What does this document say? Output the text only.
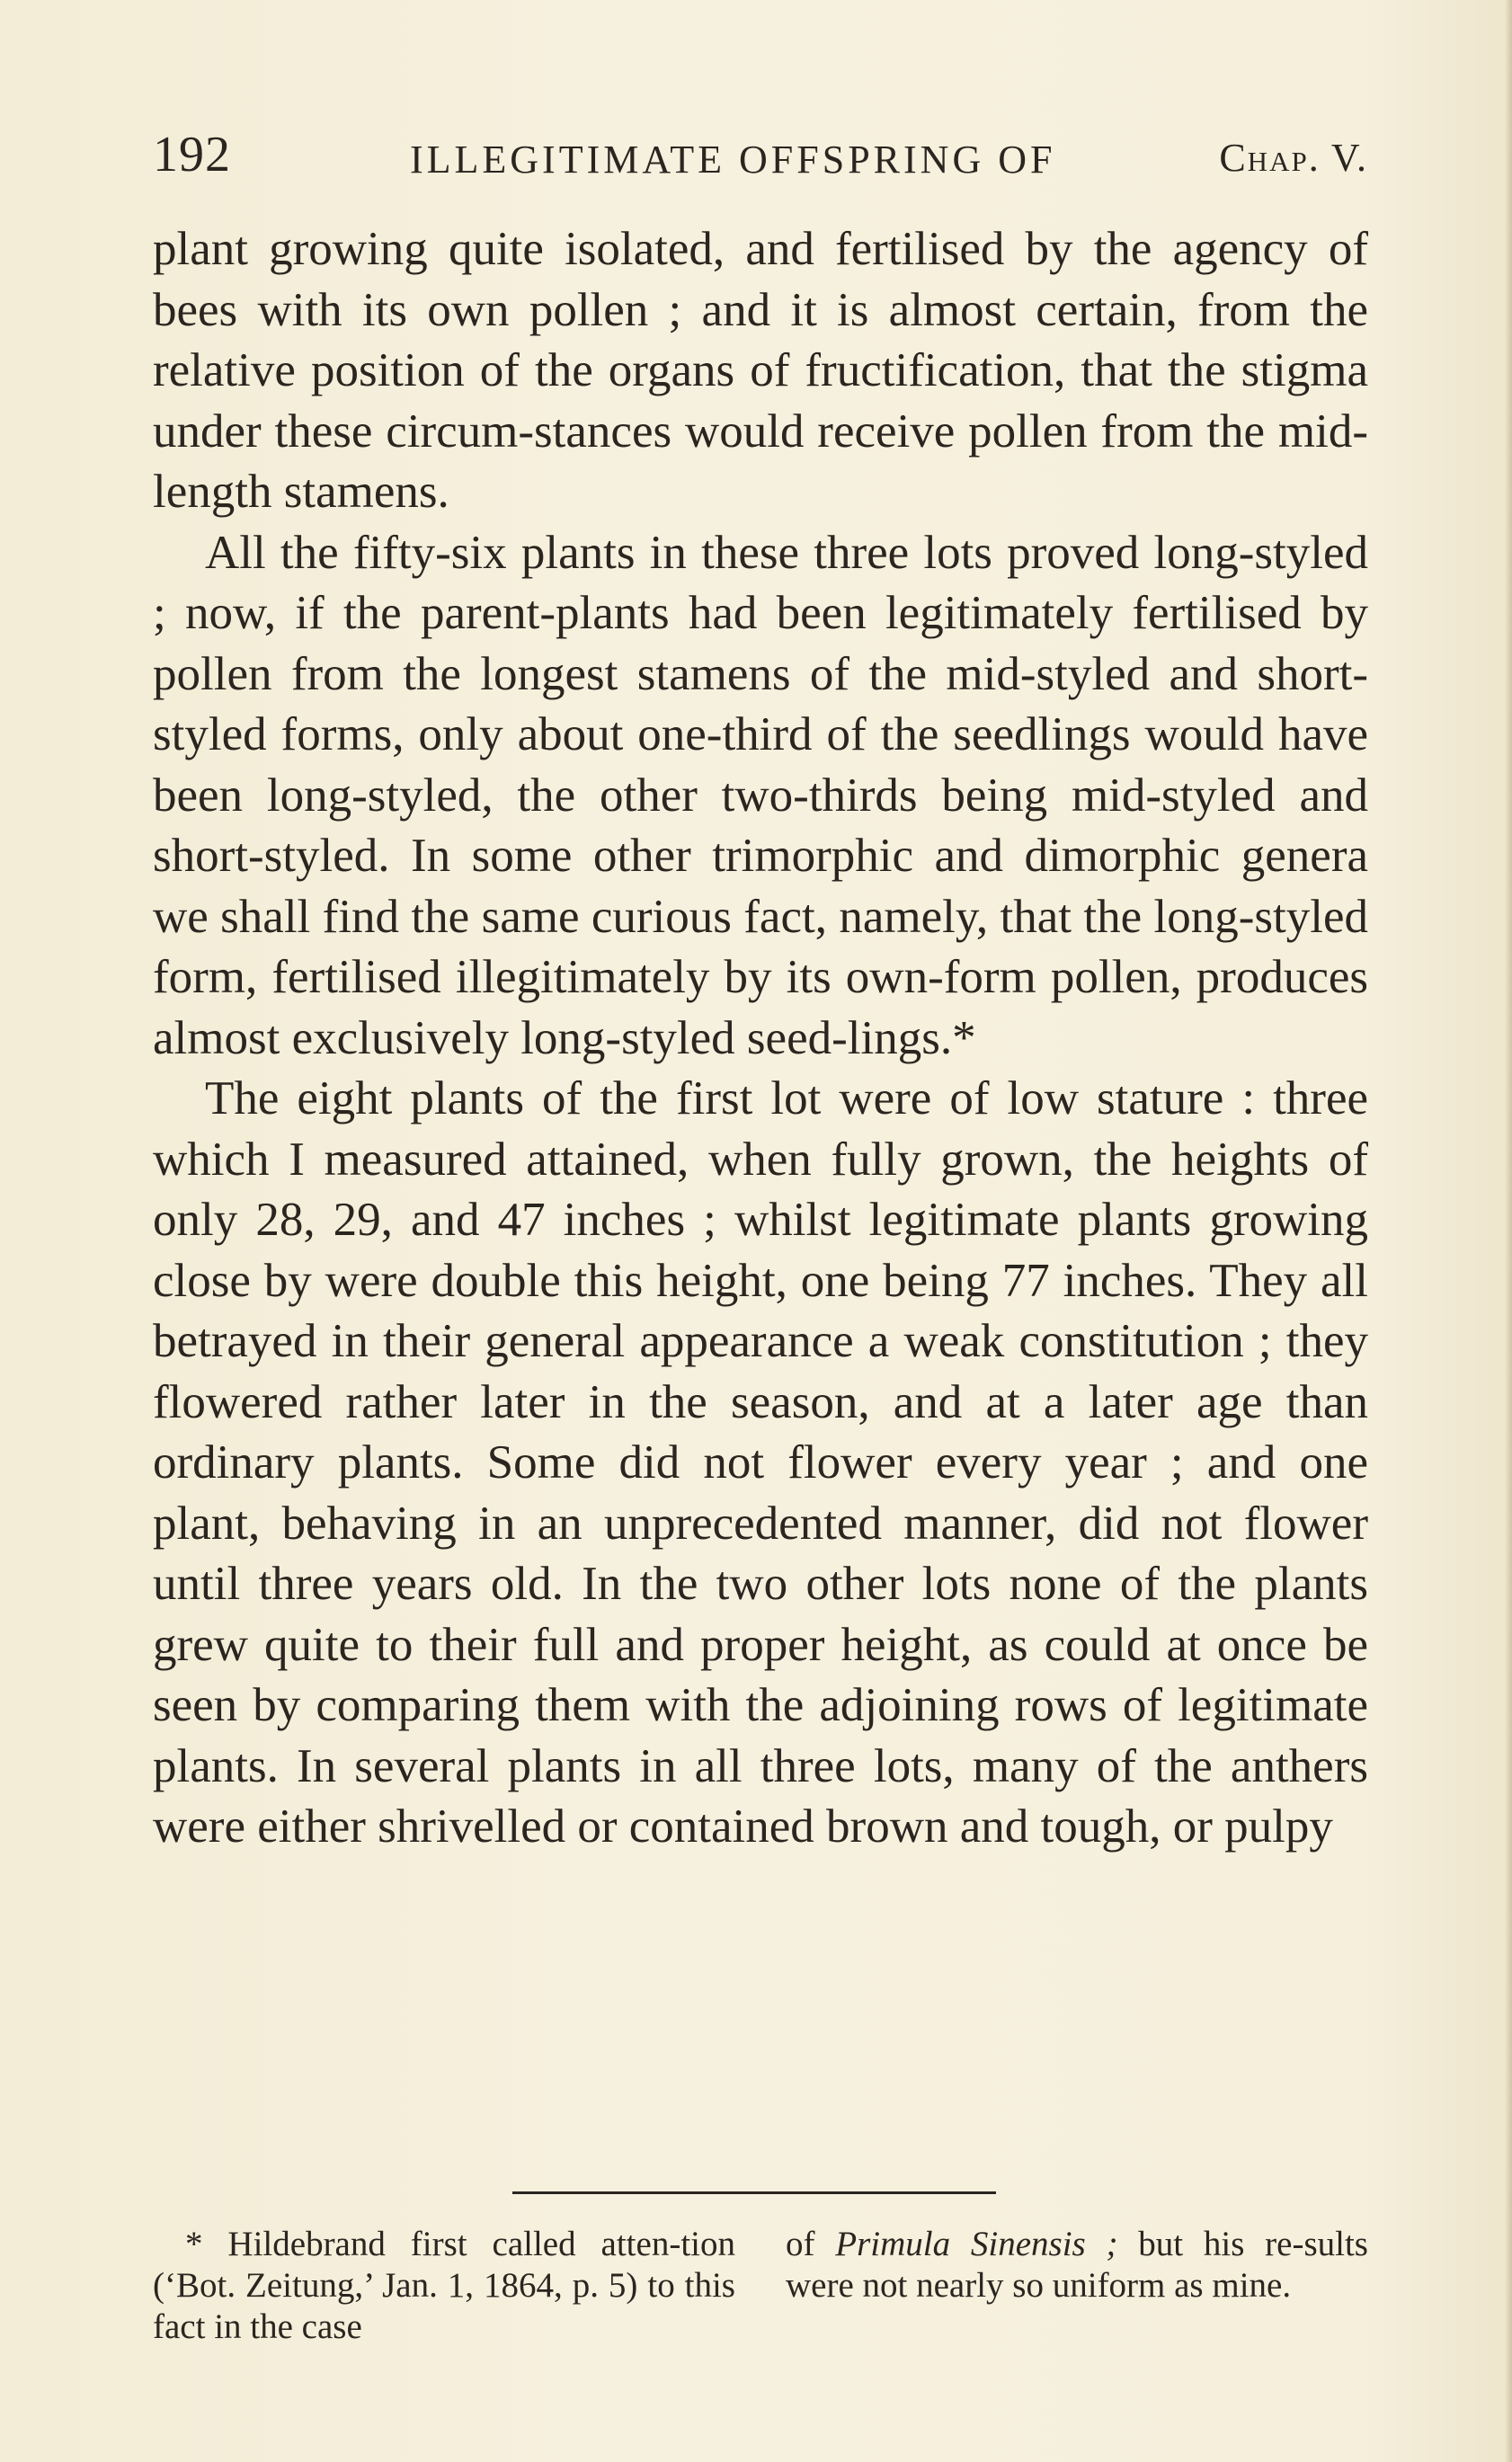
192	ILLEGITIMATE OFFSPRING OF	Chap. V.

plant growing quite isolated, and fertilised by the agency of bees with its own pollen ; and it is almost certain, from the relative position of the organs of fructification, that the stigma under these circum-stances would receive pollen from the mid-length stamens.

All the fifty-six plants in these three lots proved long-styled ; now, if the parent-plants had been legitimately fertilised by pollen from the longest stamens of the mid-styled and short-styled forms, only about one-third of the seedlings would have been long-styled, the other two-thirds being mid-styled and short-styled. In some other trimorphic and dimorphic genera we shall find the same curious fact, namely, that the long-styled form, fertilised illegitimately by its own-form pollen, produces almost exclusively long-styled seed-lings.*

The eight plants of the first lot were of low stature : three which I measured attained, when fully grown, the heights of only 28, 29, and 47 inches ; whilst legitimate plants growing close by were double this height, one being 77 inches. They all betrayed in their general appearance a weak constitution ; they flowered rather later in the season, and at a later age than ordinary plants. Some did not flower every year ; and one plant, behaving in an unprecedented manner, did not flower until three years old. In the two other lots none of the plants grew quite to their full and proper height, as could at once be seen by comparing them with the adjoining rows of legitimate plants. In several plants in all three lots, many of the anthers were either shrivelled or contained brown and tough, or pulpy

* Hildebrand first called atten-tion (‘Bot. Zeitung,’ Jan. 1, 1864, p. 5) to this fact in the case

of Primula Sinensis ; but his re-sults were not nearly so uniform as mine.
